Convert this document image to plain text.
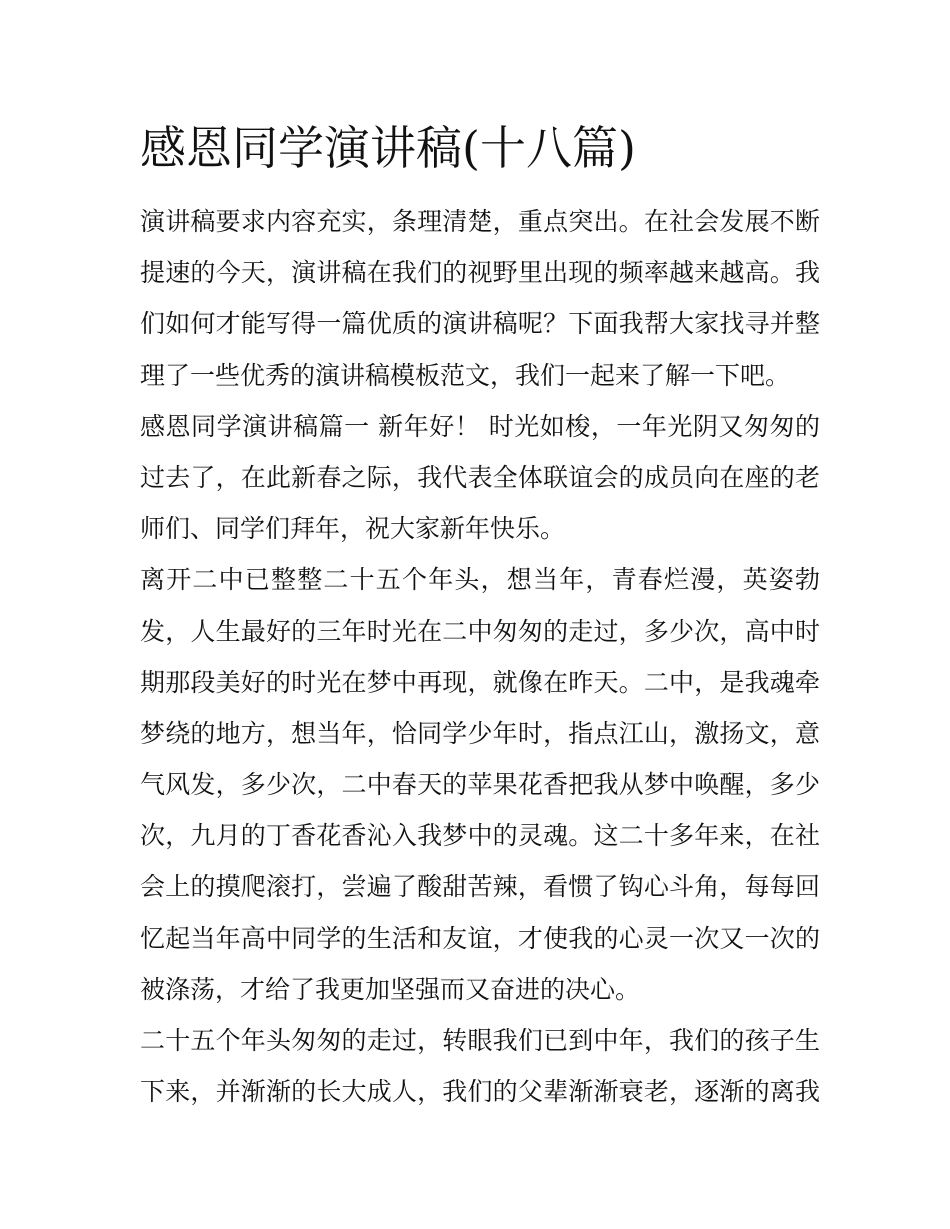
感恩同学演讲稿(十八篇)
演讲稿要求内容充实，条理清楚，重点突出。在社会发展不断
提速的今天，演讲稿在我们的视野里出现的频率越来越高。我
们如何才能写得一篇优质的演讲稿呢？下面我帮大家找寻并整
理了一些优秀的演讲稿模板范文，我们一起来了解一下吧。
感恩同学演讲稿篇一 新年好！ 时光如梭，一年光阴又匆匆的
过去了，在此新春之际，我代表全体联谊会的成员向在座的老
师们、同学们拜年，祝大家新年快乐。
离开二中已整整二十五个年头，想当年，青春烂漫，英姿勃
发，人生最好的三年时光在二中匆匆的走过，多少次，高中时
期那段美好的时光在梦中再现，就像在昨天。二中，是我魂牵
梦绕的地方，想当年，恰同学少年时，指点江山，激扬文，意
气风发，多少次，二中春天的苹果花香把我从梦中唤醒，多少
次，九月的丁香花香沁入我梦中的灵魂。这二十多年来，在社
会上的摸爬滚打，尝遍了酸甜苦辣，看惯了钩心斗角，每每回
忆起当年高中同学的生活和友谊，才使我的心灵一次又一次的
被涤荡，才给了我更加坚强而又奋进的决心。
二十五个年头匆匆的走过，转眼我们已到中年，我们的孩子生
下来，并渐渐的长大成人，我们的父辈渐渐衰老，逐渐的离我
